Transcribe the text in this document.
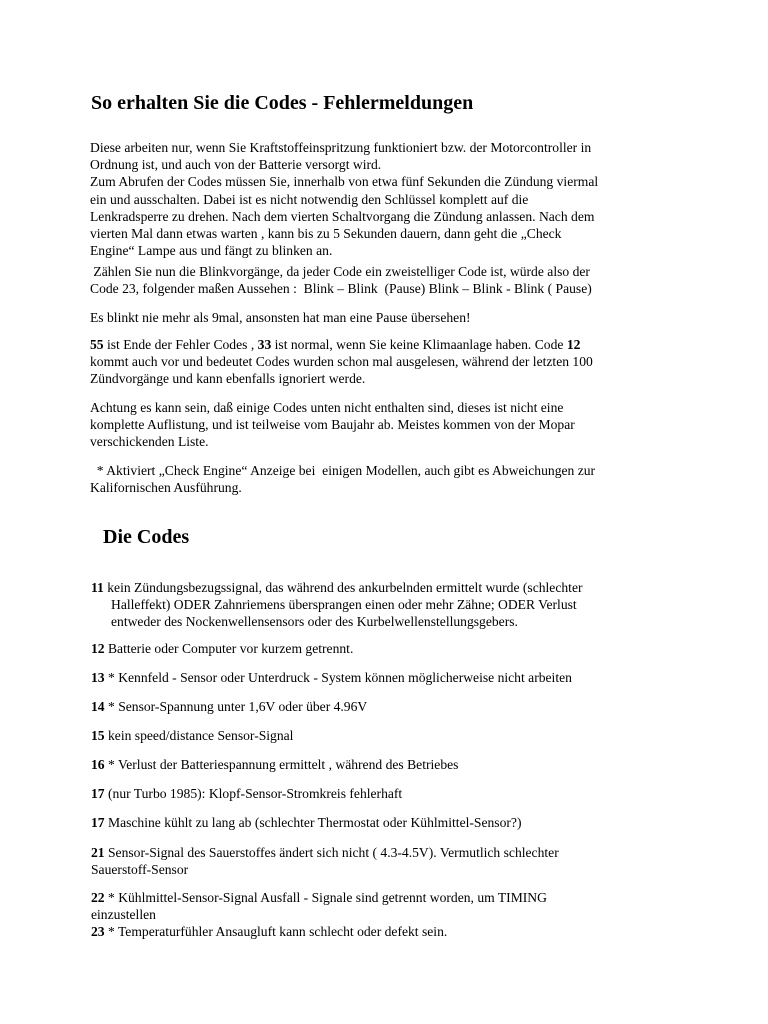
So erhalten Sie die Codes - Fehlermeldungen

Diese arbeiten nur, wenn Sie Kraftstoffeinspritzung funktioniert bzw. der Motorcontroller in
Ordnung ist, und auch von der Batterie versorgt wird.
Zum Abrufen der Codes müssen Sie, innerhalb von etwa fünf Sekunden die Zündung viermal
ein und ausschalten. Dabei ist es nicht notwendig den Schlüssel komplett auf die
Lenkradsperre zu drehen. Nach dem vierten Schaltvorgang die Zündung anlassen. Nach dem
vierten Mal dann etwas warten , kann bis zu 5 Sekunden dauern, dann geht die „Check
Engine“ Lampe aus und fängt zu blinken an.

Zählen Sie nun die Blinkvorgänge, da jeder Code ein zweistelliger Code ist, würde also der
Code 23, folgender maßen Aussehen :  Blink – Blink  (Pause) Blink – Blink - Blink ( Pause)

Es blinkt nie mehr als 9mal, ansonsten hat man eine Pause übersehen!

55 ist Ende der Fehler Codes , 33 ist normal, wenn Sie keine Klimaanlage haben. Code 12
kommt auch vor und bedeutet Codes wurden schon mal ausgelesen, während der letzten 100
Zündvorgänge und kann ebenfalls ignoriert werde.

Achtung es kann sein, daß einige Codes unten nicht enthalten sind, dieses ist nicht eine
komplette Auflistung, und ist teilweise vom Baujahr ab. Meistes kommen von der Mopar
verschickenden Liste.

* Aktiviert „Check Engine“ Anzeige bei  einigen Modellen, auch gibt es Abweichungen zur
Kalifornischen Ausführung.

Die Codes

11 kein Zündungsbezugssignal, das während des ankurbelnden ermittelt wurde (schlechter

Halleffekt) ODER Zahnriemens übersprangen einen oder mehr Zähne; ODER Verlust
entweder des Nockenwellensensors oder des Kurbelwellenstellungsgebers.

12 Batterie oder Computer vor kurzem getrennt.

13 * Kennfeld - Sensor oder Unterdruck - System können möglicherweise nicht arbeiten

14 * Sensor-Spannung unter 1,6V oder über 4.96V

15 kein speed/distance Sensor-Signal

16 * Verlust der Batteriespannung ermittelt , während des Betriebes

17 (nur Turbo 1985): Klopf-Sensor-Stromkreis fehlerhaft

17 Maschine kühlt zu lang ab (schlechter Thermostat oder Kühlmittel-Sensor?)

21 Sensor-Signal des Sauerstoffes ändert sich nicht ( 4.3-4.5V). Vermutlich schlechter
Sauerstoff-Sensor

22 * Kühlmittel-Sensor-Signal Ausfall - Signale sind getrennt worden, um TIMING
einzustellen

23 * Temperaturfühler Ansaugluft kann schlecht oder defekt sein.
